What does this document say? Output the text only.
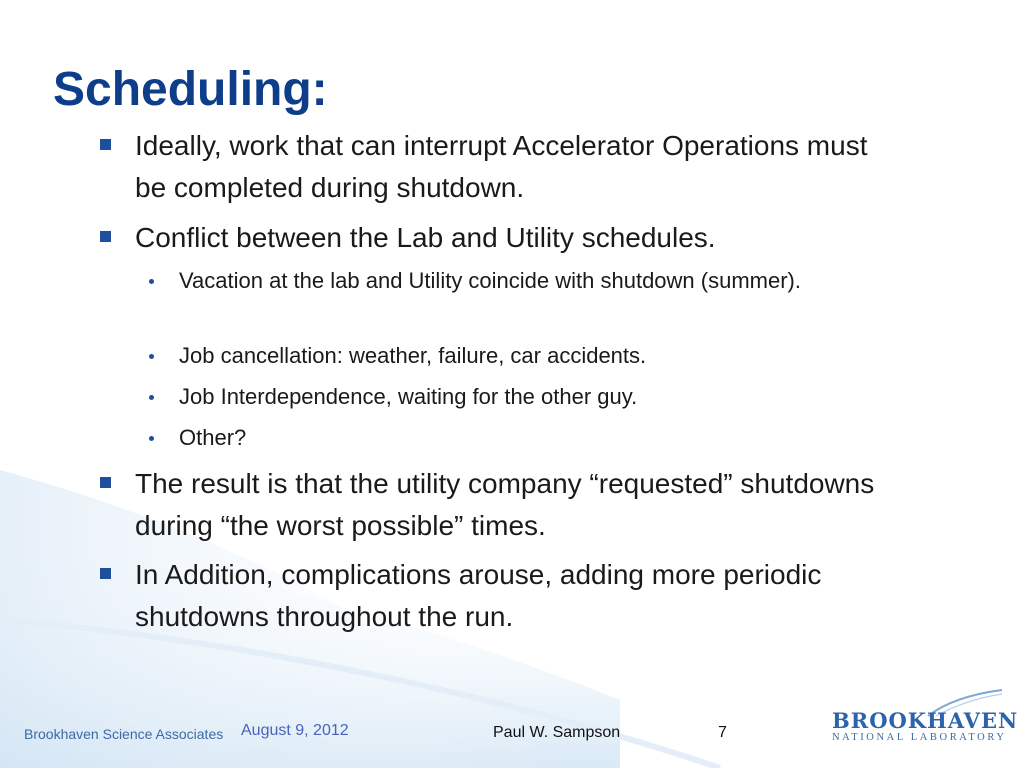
Scheduling:
Ideally, work that can interrupt Accelerator Operations must be completed during shutdown.
Conflict between the Lab and Utility schedules.
Vacation at the lab and Utility coincide with shutdown (summer).
Job cancellation: weather, failure, car accidents.
Job Interdependence, waiting for the other guy.
Other?
The result is that the utility company “requested” shutdowns during “the worst possible” times.
In Addition, complications arouse, adding more periodic shutdowns throughout the run.
Brookhaven Science Associates August 9, 2012	Paul W. Sampson	7	BROOKHAVEN
NATIONAL LABORATORY
